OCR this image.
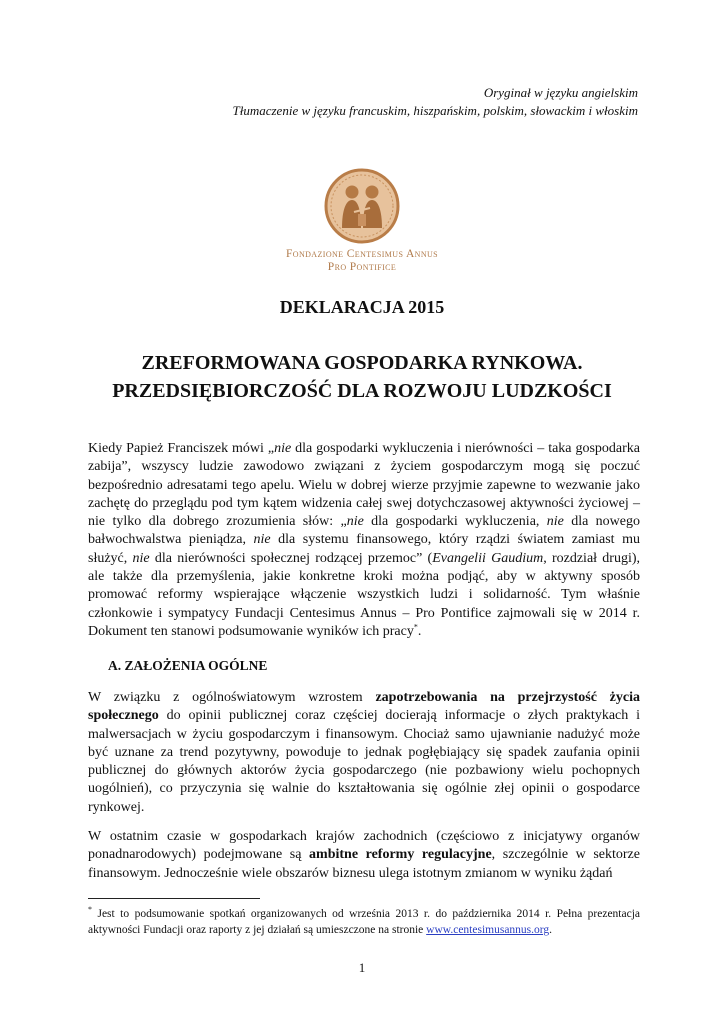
Oryginał w języku angielskim
Tłumaczenie w języku francuskim, hiszpańskim, polskim, słowackim i włoskim
Fondazione Centesimus Annus
Pro Pontifice
DEKLARACJA 2015
ZREFORMOWANA GOSPODARKA RYNKOWA.
PRZEDSIĘBIORCZOŚĆ DLA ROZWOJU LUDZKOŚCI
Kiedy Papież Franciszek mówi „nie dla gospodarki wykluczenia i nierówności – taka gospodarka zabija”, wszyscy ludzie zawodowo związani z życiem gospodarczym mogą się poczuć bezpośrednio adresatami tego apelu. Wielu w dobrej wierze przyjmie zapewne to wezwanie jako zachętę do przeglądu pod tym kątem widzenia całej swej dotychczasowej aktywności życiowej – nie tylko dla dobrego zrozumienia słów: „nie dla gospodarki wykluczenia, nie dla nowego bałwochwalstwa pieniądza, nie dla systemu finansowego, który rządzi światem zamiast mu służyć, nie dla nierówności społecznej rodzącej przemoc” (Evangelii Gaudium, rozdział drugi), ale także dla przemyślenia, jakie konkretne kroki można podjąć, aby w aktywny sposób promować reformy wspierające włączenie wszystkich ludzi i solidarność. Tym właśnie członkowie i sympatycy Fundacji Centesimus Annus – Pro Pontifice zajmowali się w 2014 r. Dokument ten stanowi podsumowanie wyników ich pracy*.
A. ZAŁOŻENIA OGÓLNE
W związku z ogólnoświatowym wzrostem zapotrzebowania na przejrzystość życia społecznego do opinii publicznej coraz częściej docierają informacje o złych praktykach i malwersacjach w życiu gospodarczym i finansowym. Chociaż samo ujawnianie nadużyć może być uznane za trend pozytywny, powoduje to jednak pogłębiający się spadek zaufania opinii publicznej do głównych aktorów życia gospodarczego (nie pozbawiony wielu pochopnych uogólnień), co przyczynia się walnie do kształtowania się ogólnie złej opinii o gospodarce rynkowej.
W ostatnim czasie w gospodarkach krajów zachodnich (częściowo z inicjatywy organów ponadnarodowych) podejmowane są ambitne reformy regulacyjne, szczególnie w sektorze finansowym. Jednocześnie wiele obszarów biznesu ulega istotnym zmianom w wyniku żądań
* Jest to podsumowanie spotkań organizowanych od września 2013 r. do października 2014 r. Pełna prezentacja aktywności Fundacji oraz raporty z jej działań są umieszczone na stronie www.centesimusannus.org.
1
